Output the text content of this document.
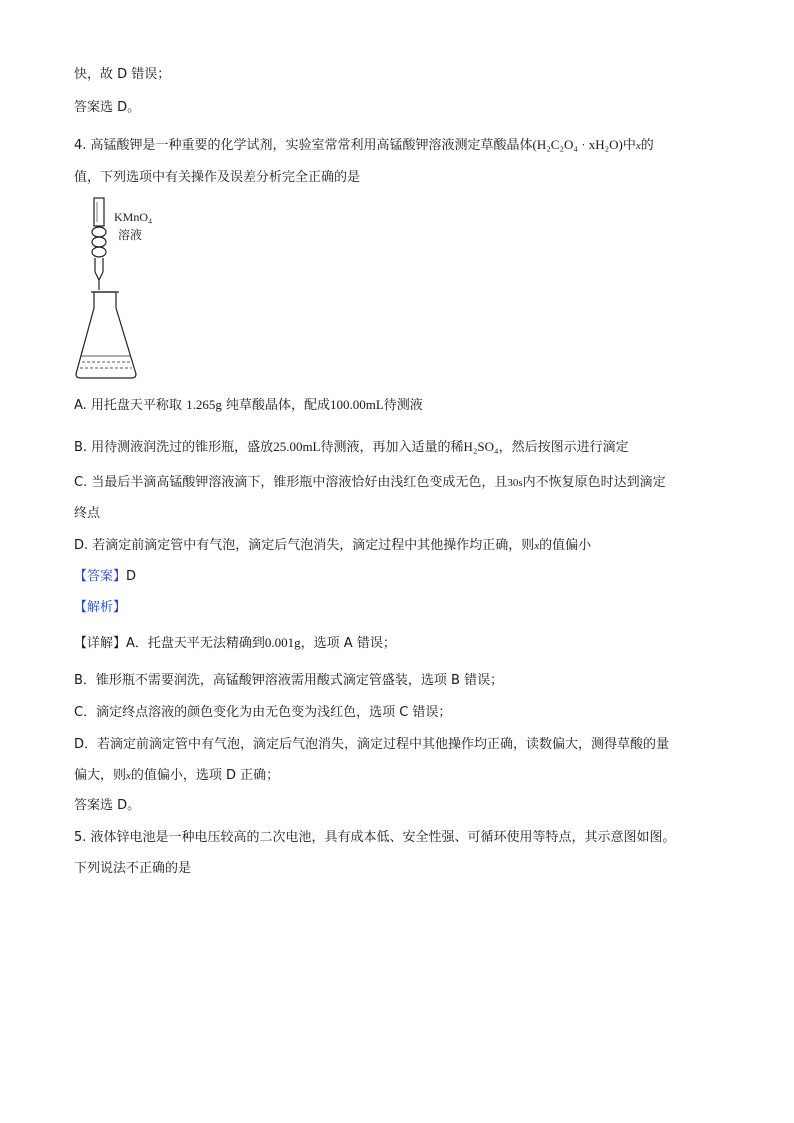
快，故 D 错误；
答案选 D。
4. 高锰酸钾是一种重要的化学试剂，实验室常常利用高锰酸钾溶液测定草酸晶体(H₂C₂O₄ · xH₂O)中x的
值，下列选项中有关操作及误差分析完全正确的是
KMnO₄
溶液
A. 用托盘天平称取 1.265g 纯草酸晶体，配成100.00mL待测液
B. 用待测液润洗过的锥形瓶，盛放25.00mL待测液，再加入适量的稀H₂SO₄，然后按图示进行滴定
C. 当最后半滴高锰酸钾溶液滴下，锥形瓶中溶液恰好由浅红色变成无色，且30s内不恢复原色时达到滴定
终点
D. 若滴定前滴定管中有气泡，滴定后气泡消失，滴定过程中其他操作均正确，则x的值偏小
【答案】D
【解析】
【详解】A．托盘天平无法精确到0.001g，选项 A 错误；
B．锥形瓶不需要润洗，高锰酸钾溶液需用酸式滴定管盛装，选项 B 错误；
C．滴定终点溶液的颜色变化为由无色变为浅红色，选项 C 错误；
D．若滴定前滴定管中有气泡，滴定后气泡消失，滴定过程中其他操作均正确，读数偏大，测得草酸的量
偏大，则x的值偏小，选项 D 正确；
答案选 D。
5. 液体锌电池是一种电压较高的二次电池，具有成本低、安全性强、可循环使用等特点，其示意图如图。
下列说法不正确的是
